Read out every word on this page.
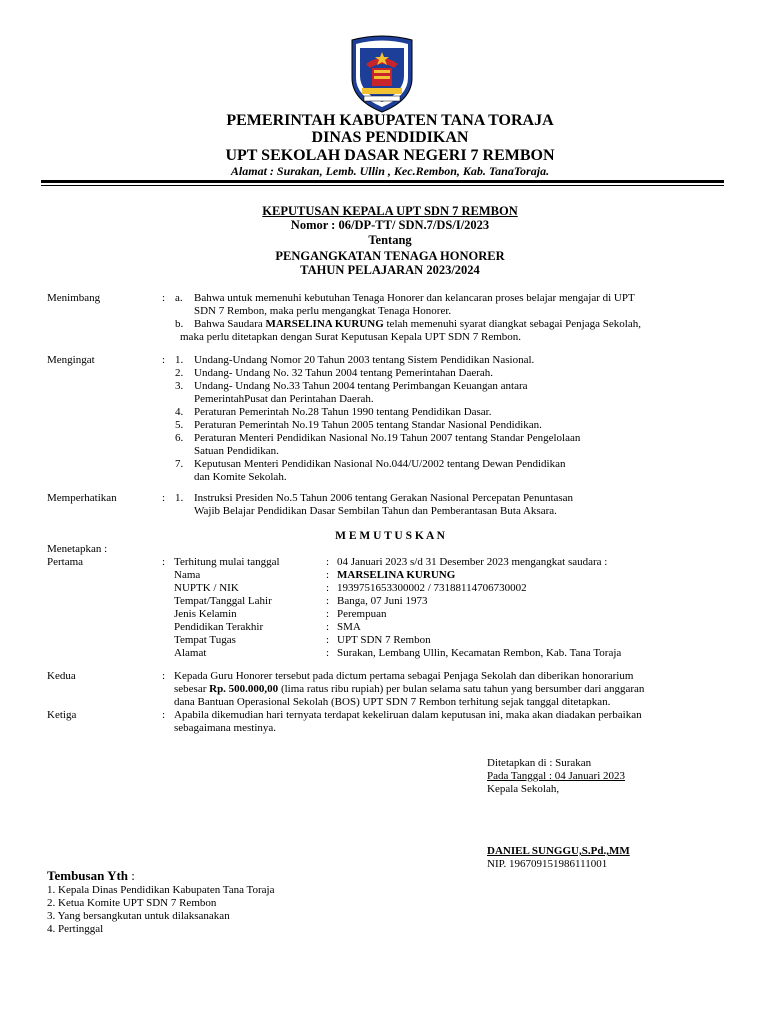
PEMERINTAH KABUPATEN TANA TORAJA
DINAS PENDIDIKAN
UPT SEKOLAH DASAR NEGERI 7 REMBON
Alamat : Surakan, Lemb. Ullin , Kec.Rembon, Kab. TanaToraja.
KEPUTUSAN KEPALA UPT SDN 7 REMBON
Nomor : 06/DP-TT/ SDN.7/DS/I/2023
Tentang
PENGANGKATAN TENAGA HONORER
TAHUN PELAJARAN 2023/2024
Menimbang	: a. Bahwa untuk memenuhi kebutuhan Tenaga Honorer dan kelancaran proses belajar mengajar di UPT
SDN 7 Rembon, maka perlu mengangkat Tenaga Honorer.
b. Bahwa Saudara MARSELINA KURUNG telah memenuhi syarat diangkat sebagai Penjaga Sekolah,
maka perlu ditetapkan dengan Surat Keputusan Kepala UPT SDN 7 Rembon.
Mengingat	: 1. Undang-Undang Nomor 20 Tahun 2003 tentang Sistem Pendidikan Nasional.
2. Undang- Undang No. 32 Tahun 2004 tentang Pemerintahan Daerah.
3. Undang- Undang No.33 Tahun 2004 tentang Perimbangan Keuangan antara
PemerintahPusat dan Perintahan Daerah.
4. Peraturan Pemerintah No.28 Tahun 1990 tentang Pendidikan Dasar.
5. Peraturan Pemerintah No.19 Tahun 2005 tentang Standar Nasional Pendidikan.
6. Peraturan Menteri Pendidikan Nasional No.19 Tahun 2007 tentang Standar Pengelolaan
Satuan Pendidikan.
7. Keputusan Menteri Pendidikan Nasional No.044/U/2002 tentang Dewan Pendidikan
dan Komite Sekolah.
Memperhatikan	: 1. Instruksi Presiden No.5 Tahun 2006 tentang Gerakan Nasional Percepatan Penuntasan
Wajib Belajar Pendidikan Dasar Sembilan Tahun dan Pemberantasan Buta Aksara.
M E M U T U S K A N
Menetapkan :
Pertama	: Terhitung mulai tanggal	: 04 Januari 2023 s/d 31 Desember 2023 mengangkat saudara :
Nama	: MARSELINA KURUNG
NUPTK / NIK	: 1939751653300002 / 73188114706730002
Tempat/Tanggal Lahir	: Banga, 07 Juni 1973
Jenis Kelamin	: Perempuan
Pendidikan Terakhir	: SMA
Tempat Tugas	: UPT SDN 7 Rembon
Alamat	: Surakan, Lembang Ullin, Kecamatan Rembon, Kab. Tana Toraja
Kedua	: Kepada Guru Honorer tersebut pada dictum pertama sebagai Penjaga Sekolah dan diberikan honorarium
sebesar Rp. 500.000,00 (lima ratus ribu rupiah) per bulan selama satu tahun yang bersumber dari anggaran
dana Bantuan Operasional Sekolah (BOS) UPT SDN 7 Rembon terhitung sejak tanggal ditetapkan.
Ketiga	: Apabila dikemudian hari ternyata terdapat kekeliruan dalam keputusan ini, maka akan diadakan perbaikan
sebagaimana mestinya.
Ditetapkan di : Surakan
Pada Tanggal : 04 Januari 2023
Kepala Sekolah,
DANIEL SUNGGU,S.Pd.,MM
NIP. 196709151986111001
Tembusan Yth :
1. Kepala Dinas Pendidikan Kabupaten Tana Toraja
2. Ketua Komite UPT SDN 7 Rembon
3. Yang bersangkutan untuk dilaksanakan
4. Pertinggal
